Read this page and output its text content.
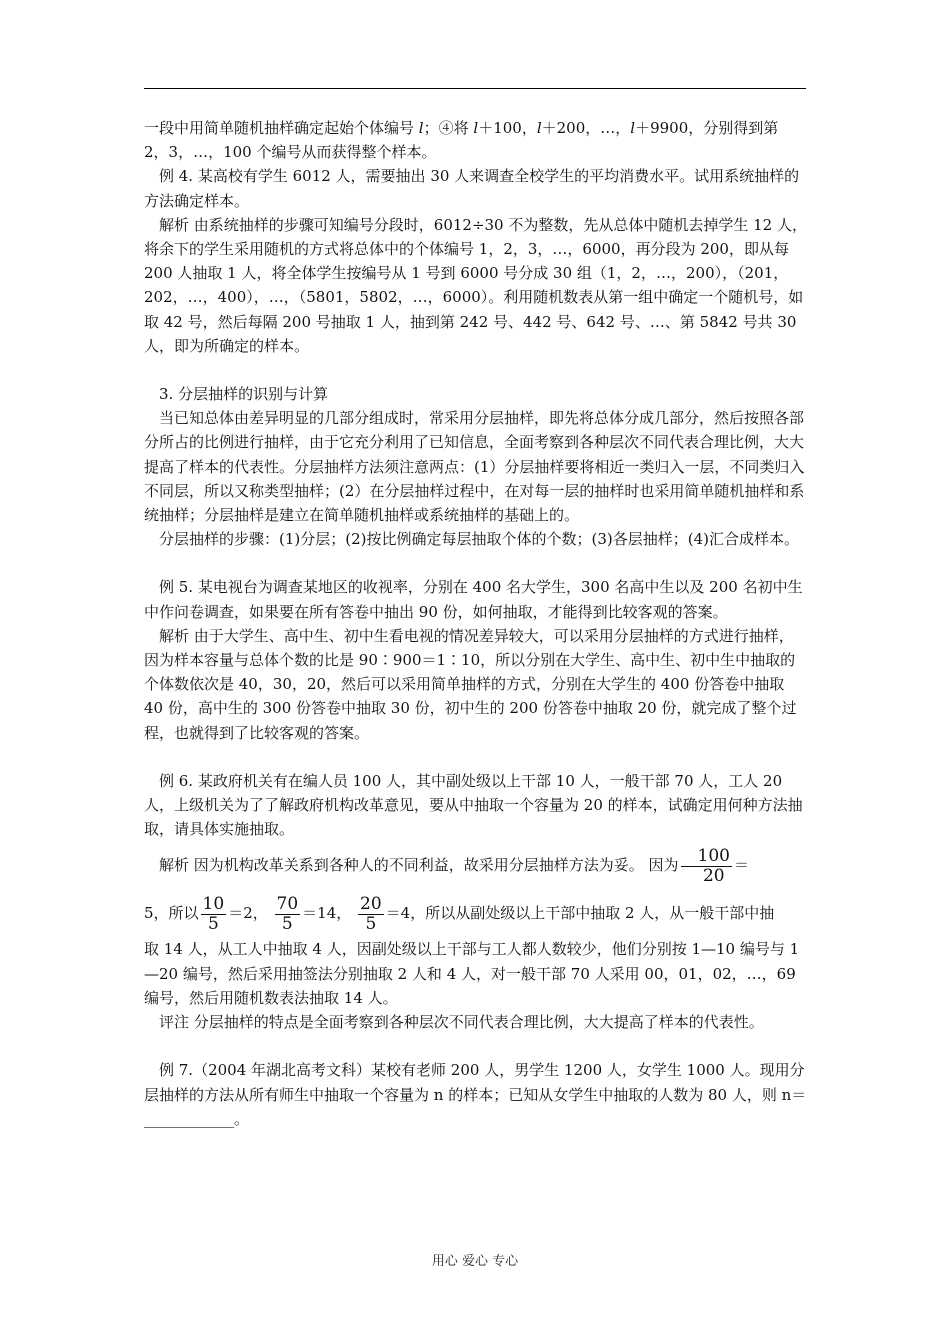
一段中用简单随机抽样确定起始个体编号 l；④将 l＋100，l＋200，…，l＋9900，分别得到第

2，3，…，100 个编号从而获得整个样本。

例 4. 某高校有学生 6012 人，需要抽出 30 人来调查全校学生的平均消费水平。试用系统抽样的方法确定样本。

解析 由系统抽样的步骤可知编号分段时，6012÷30 不为整数，先从总体中随机去掉学生 12 人，将余下的学生采用随机的方式将总体中的个体编号 1，2，3，…，6000，再分段为 200，即从每 200 人抽取 1 人，将全体学生按编号从 1 号到 6000 号分成 30 组（1，2，…，200），（201，202，…，400），…，（5801，5802，…，6000）。利用随机数表从第一组中确定一个随机号，如取 42 号，然后每隔 200 号抽取 1 人，抽到第 242 号、442 号、642 号、…、第 5842 号共 30 人，即为所确定的样本。

3. 分层抽样的识别与计算

当已知总体由差异明显的几部分组成时，常采用分层抽样，即先将总体分成几部分，然后按照各部分所占的比例进行抽样，由于它充分利用了已知信息，全面考察到各种层次不同代表合理比例，大大提高了样本的代表性。分层抽样方法须注意两点：(1）分层抽样要将相近一类归入一层，不同类归入不同层，所以又称类型抽样；(2）在分层抽样过程中，在对每一层的抽样时也采用简单随机抽样和系统抽样；分层抽样是建立在简单随机抽样或系统抽样的基础上的。

分层抽样的步骤：(1)分层；(2)按比例确定每层抽取个体的个数；(3)各层抽样；(4)汇合成样本。

例 5. 某电视台为调查某地区的收视率，分别在 400 名大学生，300 名高中生以及 200 名初中生中作问卷调查，如果要在所有答卷中抽出 90 份，如何抽取，才能得到比较客观的答案。

解析 由于大学生、高中生、初中生看电视的情况差异较大，可以采用分层抽样的方式进行抽样，因为样本容量与总体个数的比是 90∶900＝1∶10，所以分别在大学生、高中生、初中生中抽取的个体数依次是 40，30，20，然后可以采用简单抽样的方式，分别在大学生的 400 份答卷中抽取 40 份，高中生的 300 份答卷中抽取 30 份，初中生的 200 份答卷中抽取 20 份，就完成了整个过程，也就得到了比较客观的答案。

例 6. 某政府机关有在编人员 100 人，其中副处级以上干部 10 人，一般干部 70 人，工人 20 人，上级机关为了了解政府机构改革意见，要从中抽取一个容量为 20 的样本，试确定用何种方法抽取，请具体实施抽取。

解析 因为机构改革关系到各种人的不同利益，故采用分层抽样方法为妥。 因为 $\frac{100}{20}$ ＝

5，所以 $\frac{10}{5} =2$， $\frac{70}{5} =14$， $\frac{20}{5} =4$，所以从副处级以上干部中抽取 2 人，从一般干部中抽

取 14 人，从工人中抽取 4 人，因副处级以上干部与工人都人数较少，他们分别按 1—10 编号与 1—20 编号，然后采用抽签法分别抽取 2 人和 4 人，对一般干部 70 人采用 00，01，02，…，69 编号，然后用随机数表法抽取 14 人。

评注 分层抽样的特点是全面考察到各种层次不同代表合理比例，大大提高了样本的代表性。

例 7.（2004 年湖北高考文科）某校有老师 200 人，男学生 1200 人，女学生 1000 人。现用分层抽样的方法从所有师生中抽取一个容量为 n 的样本；已知从女学生中抽取的人数为 80 人，则 n＝____________。

用心 爱心 专心
